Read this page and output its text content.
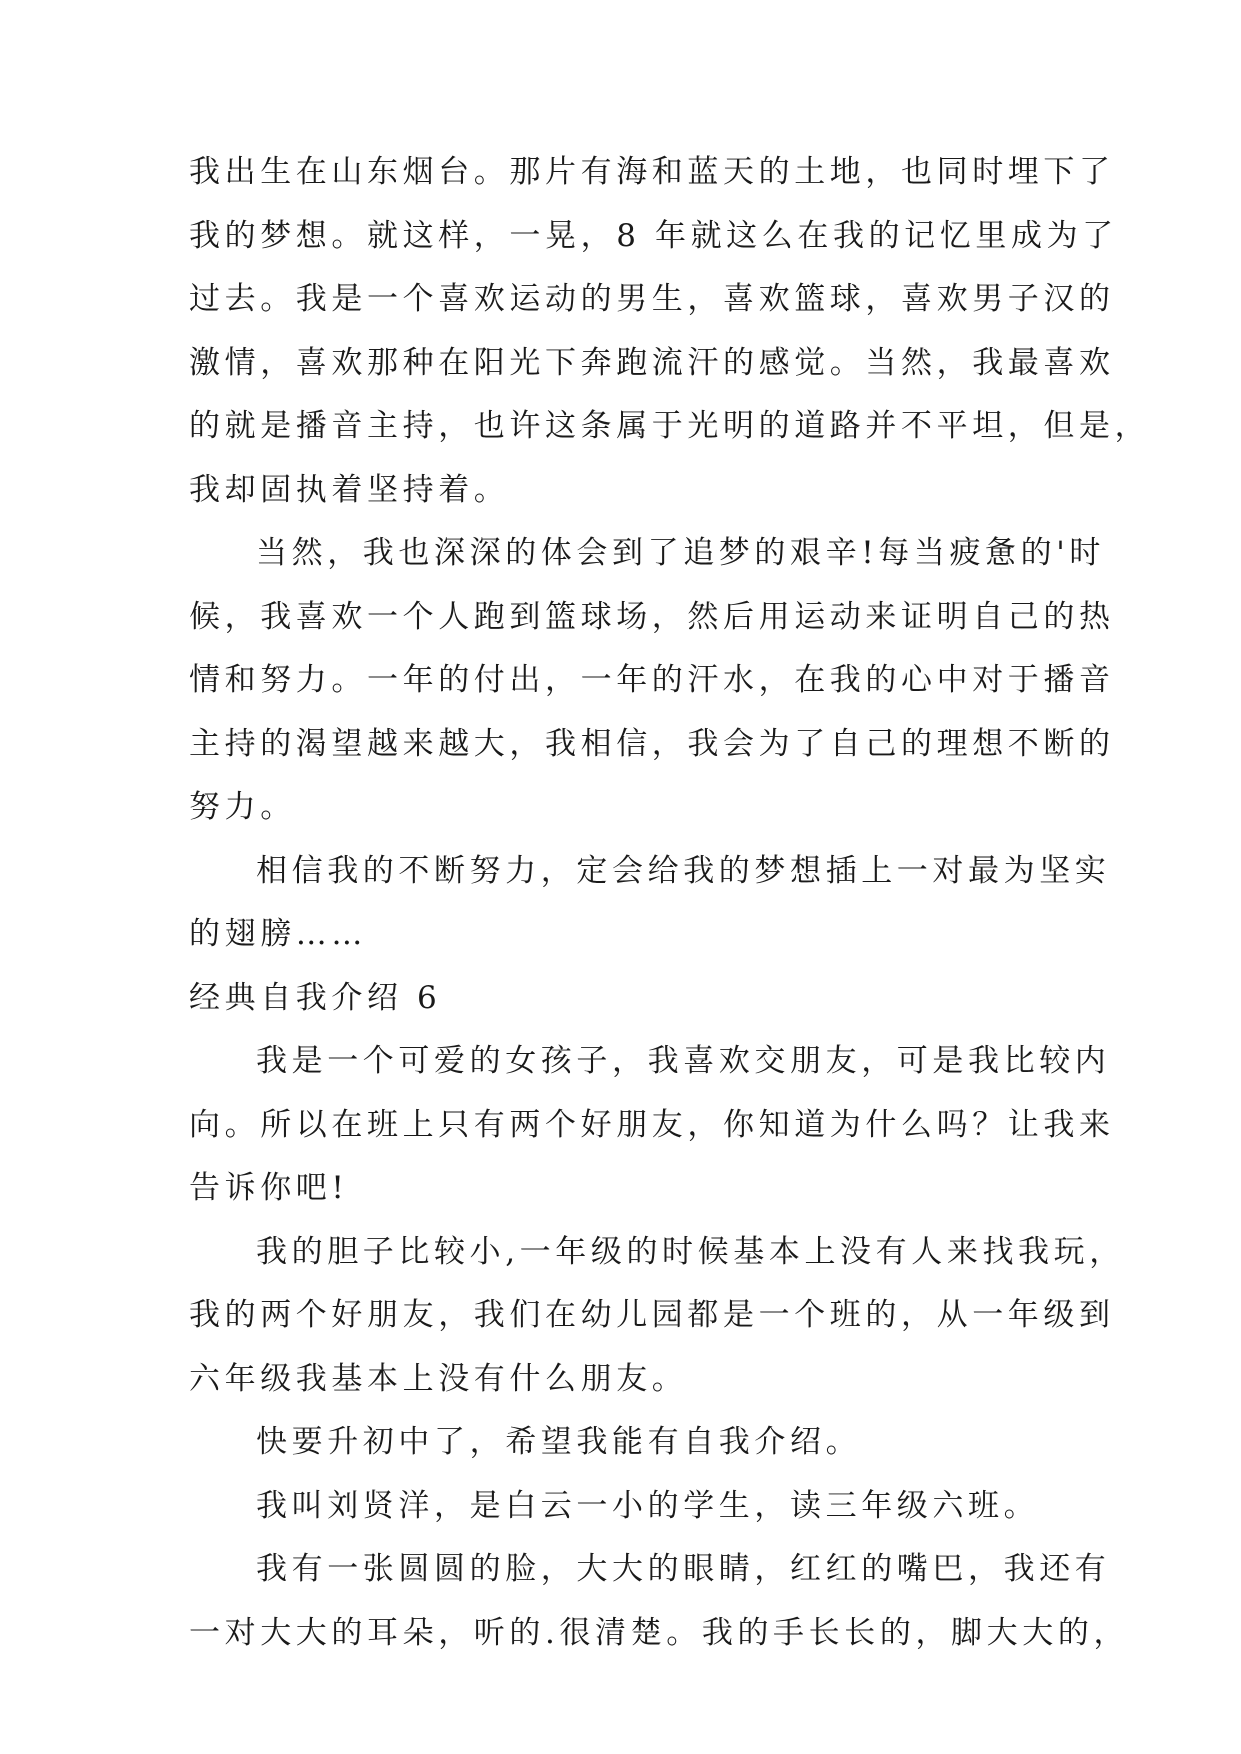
我出生在山东烟台。那片有海和蓝天的土地，也同时埋下了
我的梦想。就这样，一晃，8 年就这么在我的记忆里成为了
过去。我是一个喜欢运动的男生，喜欢篮球，喜欢男子汉的
激情，喜欢那种在阳光下奔跑流汗的感觉。当然，我最喜欢
的就是播音主持，也许这条属于光明的道路并不平坦，但是，
我却固执着坚持着。
当然，我也深深的体会到了追梦的艰辛!每当疲惫的'时
候，我喜欢一个人跑到篮球场，然后用运动来证明自己的热
情和努力。一年的付出，一年的汗水，在我的心中对于播音
主持的渴望越来越大，我相信，我会为了自己的理想不断的
努力。
相信我的不断努力，定会给我的梦想插上一对最为坚实
的翅膀……
经典自我介绍 6
我是一个可爱的女孩子，我喜欢交朋友，可是我比较内
向。所以在班上只有两个好朋友，你知道为什么吗？让我来
告诉你吧!
我的胆子比较小,一年级的时候基本上没有人来找我玩，
我的两个好朋友，我们在幼儿园都是一个班的，从一年级到
六年级我基本上没有什么朋友。
快要升初中了，希望我能有自我介绍。
我叫刘贤洋，是白云一小的学生，读三年级六班。
我有一张圆圆的脸，大大的眼睛，红红的嘴巴，我还有
一对大大的耳朵，听的.很清楚。我的手长长的，脚大大的，
